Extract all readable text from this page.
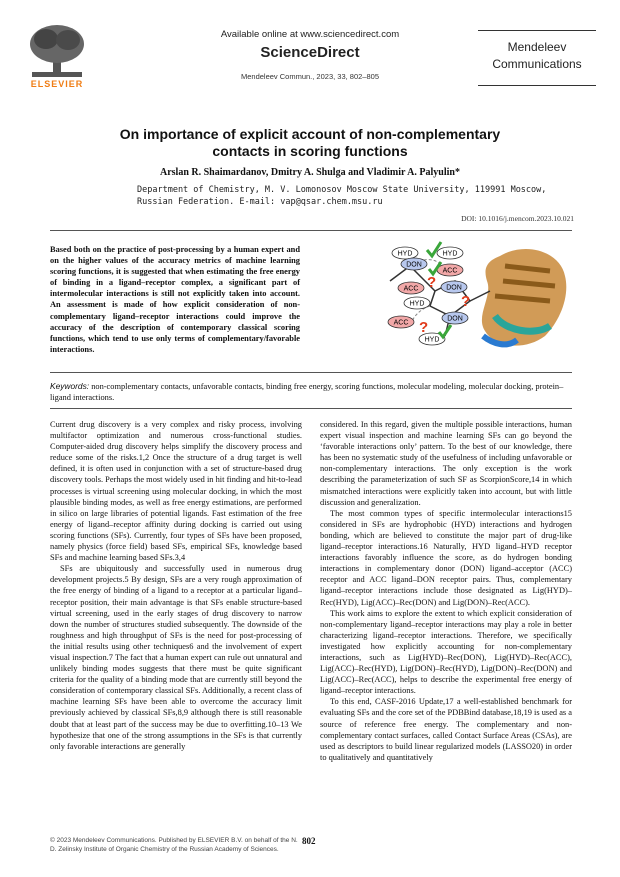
ELSEVIER
Available online at www.sciencedirect.com
ScienceDirect
Mendeleev Commun., 2023, 33, 802–805
Mendeleev
Communications
On importance of explicit account of non-complementary
contacts in scoring functions
Arslan R. Shaimardanov, Dmitry A. Shulga and Vladimir A. Palyulin*
Department of Chemistry, M. V. Lomonosov Moscow State University, 119991 Moscow,
Russian Federation. E-mail: vap@qsar.chem.msu.ru
DOI: 10.1016/j.mencom.2023.10.021
Based both on the practice of post-processing by a human expert and on the higher values of the accuracy metrics of machine learning scoring functions, it is suggested that when estimating the free energy of binding in a ligand–receptor complex, a significant part of intermolecular interactions is still not explicitly taken into account. An assessment is made of how explicit consideration of non-complementary ligand–receptor interactions could improve the accuracy of the description of contemporary classical scoring functions, which tend to use only terms of complementary/favorable interactions.
HYD	HYD
DON
ACC
ACC	DON
HYD
ACC
DON
HYD
?
?
?
Keywords: non-complementary contacts, unfavorable contacts, binding free energy, scoring functions, molecular modeling, molecular docking, protein–ligand interactions.

Current drug discovery is a very complex and risky process, involving multifactor optimization and numerous cross-functional studies. Computer-aided drug discovery helps simplify the discovery process and reduce some of the risks.1,2 Once the structure of a drug target is well defined, it is often used in conjunction with a set of structure-based drug discovery tools. Perhaps the most widely used in hit finding and hit-to-lead processes is virtual screening using molecular docking, in which the most plausible binding modes, as well as free energy estimations, are performed in silico on large libraries of potential ligands. Fast estimation of the free energy of ligand–receptor affinity during docking is carried out using scoring functions (SFs). Currently, four types of SFs have been proposed, namely physics (force field) based SFs, empirical SFs, knowledge based SFs and machine learning based SFs.3,4

SFs are ubiquitously and successfully used in numerous drug development projects.5 By design, SFs are a very rough approximation of the free energy of binding of a ligand to a receptor at a particular ligand–receptor position, their main advantage is that SFs enable structure-based virtual screening, used in the early stages of drug discovery to narrow down the number of structures studied subsequently. The downside of the roughness and high throughput of SFs is the need for post-processing of the initial results using other techniques6 and the involvement of expert visual inspection.7 The fact that a human expert can rule out unnatural and unlikely binding modes suggests that there must be quite significant criteria for the quality of a binding mode that are currently still beyond the consideration of contemporary classical SFs. Additionally, a recent class of machine learning SFs have been able to overcome the accuracy limit previously achieved by classical SFs,8,9 although there is still reasonable doubt that at least part of the success may be due to overfitting.10–13 We hypothesize that one of the strong assumptions in the SFs is that currently only favorable interactions are generally

considered. In this regard, given the multiple possible interactions, human expert visual inspection and machine learning SFs can go beyond the ‘favorable interactions only’ pattern. To the best of our knowledge, there has been no systematic study of the usefulness of including unfavorable or non-complementary interactions. The only exception is the work describing the parameterization of such SF as ScorpionScore,14 in which mismatched interactions were explicitly taken into account, but with little discussion and generalization.

The most common types of specific intermolecular interactions15 considered in SFs are hydrophobic (HYD) interactions and hydrogen bonding, which are believed to constitute the major part of drug-like ligand–receptor interactions.16 Naturally, HYD ligand–HYD receptor interactions favorably influence the score, as do hydrogen bonding interactions in complementary donor (DON) ligand–acceptor (ACC) receptor and ACC ligand–DON receptor pairs. Thus, complementary ligand–receptor interactions include those designated as Lig(HYD)–Rec(HYD), Lig(ACC)–Rec(DON) and Lig(DON)–Rec(ACC).

This work aims to explore the extent to which explicit consideration of non-complementary ligand–receptor interactions may play a role in better characterizing ligand–receptor interactions. Therefore, we specifically investigated how explicitly accounting for non-complementary interactions, such as Lig(HYD)–Rec(DON), Lig(HYD)–Rec(ACC), Lig(ACC)–Rec(HYD), Lig(DON)–Rec(HYD), Lig(DON)–Rec(DON) and Lig(ACC)–Rec(ACC), helps to describe the experimental free energy of ligand–receptor interactions.

To this end, CASF-2016 Update,17 a well-established benchmark for evaluating SFs and the core set of the PDBBind database,18,19 is used as a source of reference free energy. The complementary and non-complementary contact surfaces, called Contact Surface Areas (CSAs), are used as descriptors to build linear regularized models (LASSO20) in order to qualitatively and quantitatively

© 2023 Mendeleev Communications. Published by ELSEVIER B.V. on behalf of the N. D. Zelinsky Institute of Organic Chemistry of the Russian Academy of Sciences.
802
